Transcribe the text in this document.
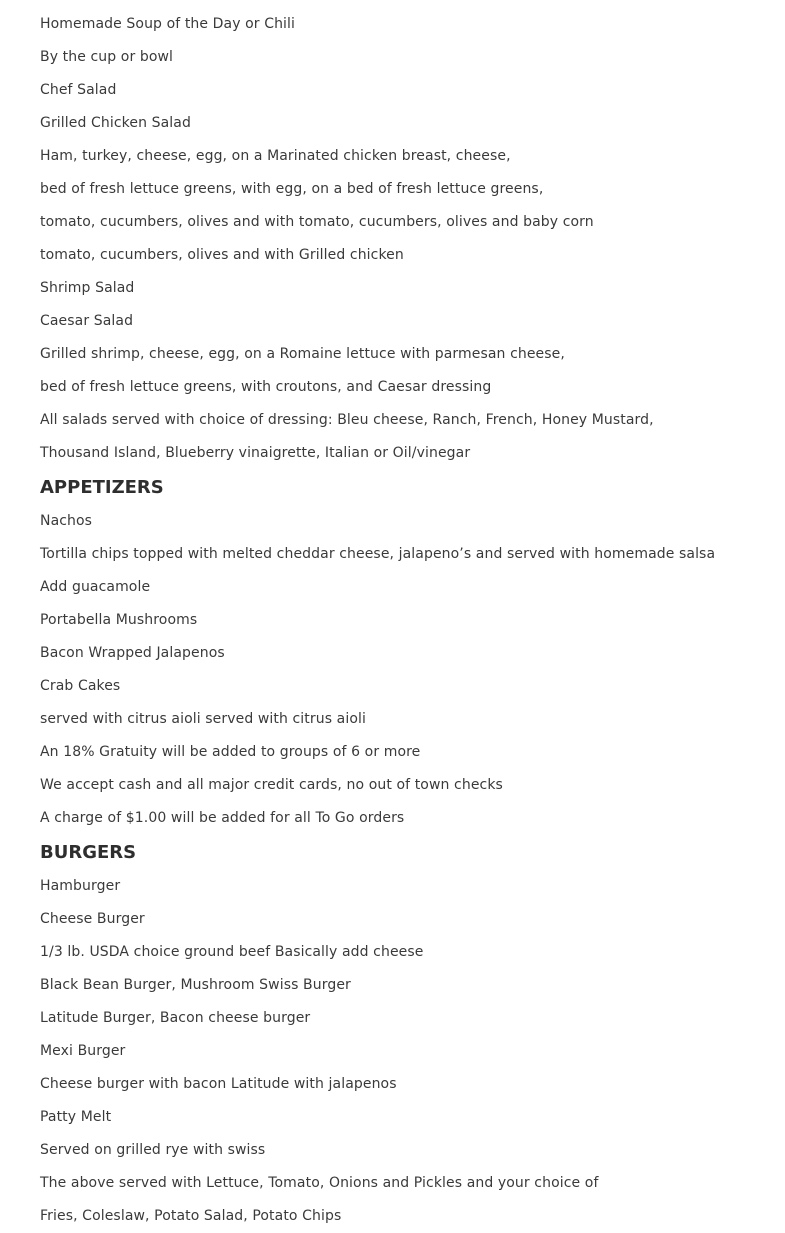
Homemade Soup of the Day or Chili
By the cup or bowl
Chef Salad
Grilled Chicken Salad
Ham, turkey, cheese, egg, on a Marinated chicken breast, cheese,
bed of fresh lettuce greens, with egg, on a bed of fresh lettuce greens,
tomato, cucumbers, olives and with tomato, cucumbers, olives and baby corn
tomato, cucumbers, olives and with Grilled chicken
Shrimp Salad
Caesar Salad
Grilled shrimp, cheese, egg, on a Romaine lettuce with parmesan cheese,
bed of fresh lettuce greens, with croutons, and Caesar dressing
All salads served with choice of dressing: Bleu cheese, Ranch, French, Honey Mustard,
Thousand Island, Blueberry vinaigrette, Italian or Oil/vinegar
APPETIZERS
Nachos
Tortilla chips topped with melted cheddar cheese, jalapeno’s and served with homemade salsa
Add guacamole
Portabella Mushrooms
Bacon Wrapped Jalapenos
Crab Cakes
served with citrus aioli served with citrus aioli
An 18% Gratuity will be added to groups of 6 or more
We accept cash and all major credit cards, no out of town checks
A charge of $1.00 will be added for all To Go orders
BURGERS
Hamburger
Cheese Burger
1/3 lb. USDA choice ground beef Basically add cheese
Black Bean Burger, Mushroom Swiss Burger
Latitude Burger, Bacon cheese burger
Mexi Burger
Cheese burger with bacon Latitude with jalapenos
Patty Melt
Served on grilled rye with swiss
The above served with Lettuce, Tomato, Onions and Pickles and your choice of
Fries, Coleslaw, Potato Salad, Potato Chips
